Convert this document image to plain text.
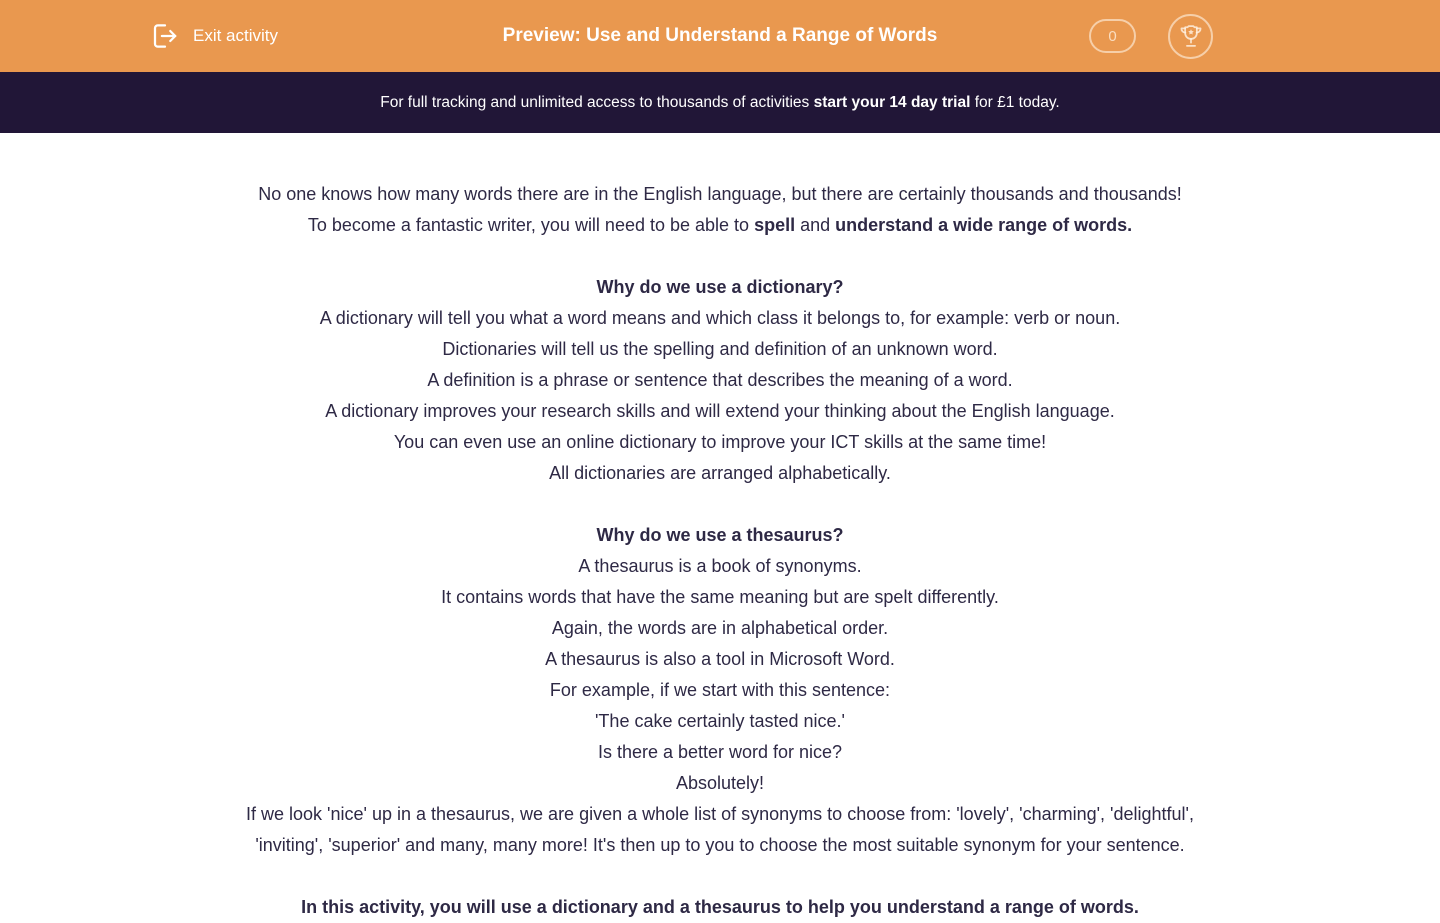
Exit activity	Preview: Use and Understand a Range of Words	0
For full tracking and unlimited access to thousands of activities start your 14 day trial for £1 today.
No one knows how many words there are in the English language, but there are certainly thousands and thousands!
To become a fantastic writer, you will need to be able to spell and understand a wide range of words.
Why do we use a dictionary?
A dictionary will tell you what a word means and which class it belongs to, for example: verb or noun.
Dictionaries will tell us the spelling and definition of an unknown word.
A definition is a phrase or sentence that describes the meaning of a word.
A dictionary improves your research skills and will extend your thinking about the English language.
You can even use an online dictionary to improve your ICT skills at the same time!
All dictionaries are arranged alphabetically.
Why do we use a thesaurus?
A thesaurus is a book of synonyms.
It contains words that have the same meaning but are spelt differently.
Again, the words are in alphabetical order.
A thesaurus is also a tool in Microsoft Word.
For example, if we start with this sentence:
'The cake certainly tasted nice.'
Is there a better word for nice?
Absolutely!
If we look 'nice' up in a thesaurus, we are given a whole list of synonyms to choose from: 'lovely', 'charming', 'delightful',
'inviting', 'superior' and many, many more! It's then up to you to choose the most suitable synonym for your sentence.
In this activity, you will use a dictionary and a thesaurus to help you understand a range of words.
